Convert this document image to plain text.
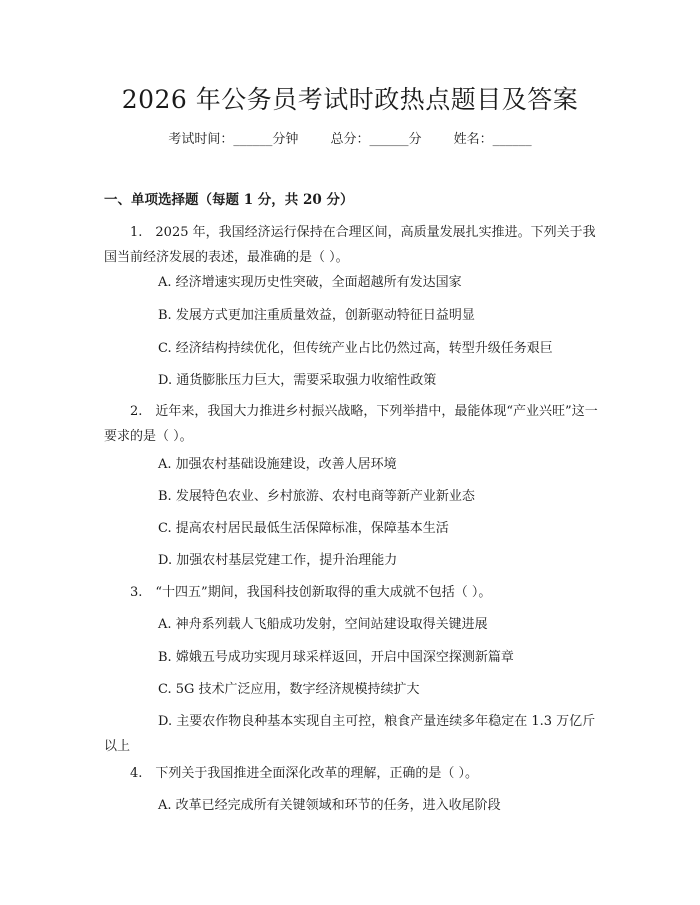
2026 年公务员考试时政热点题目及答案
考试时间：______分钟 总分：______分 姓名：______
一、单项选择题（每题 1 分，共 20 分）
1.　2025 年，我国经济运行保持在合理区间，高质量发展扎实推进。下列关于我国当前经济发展的表述，最准确的是（ ）。
A. 经济增速实现历史性突破，全面超越所有发达国家
B. 发展方式更加注重质量效益，创新驱动特征日益明显
C. 经济结构持续优化，但传统产业占比仍然过高，转型升级任务艰巨
D. 通货膨胀压力巨大，需要采取强力收缩性政策
2.　近年来，我国大力推进乡村振兴战略，下列举措中，最能体现“产业兴旺”这一要求的是（ ）。
A. 加强农村基础设施建设，改善人居环境
B. 发展特色农业、乡村旅游、农村电商等新产业新业态
C. 提高农村居民最低生活保障标准，保障基本生活
D. 加强农村基层党建工作，提升治理能力
3.　“十四五”期间，我国科技创新取得的重大成就不包括（ ）。
A. 神舟系列载人飞船成功发射，空间站建设取得关键进展
B. 嫦娥五号成功实现月球采样返回，开启中国深空探测新篇章
C. 5G 技术广泛应用，数字经济规模持续扩大
D. 主要农作物良种基本实现自主可控，粮食产量连续多年稳定在 1.3 万亿斤以上
4.　下列关于我国推进全面深化改革的理解，正确的是（ ）。
A. 改革已经完成所有关键领域和环节的任务，进入收尾阶段
